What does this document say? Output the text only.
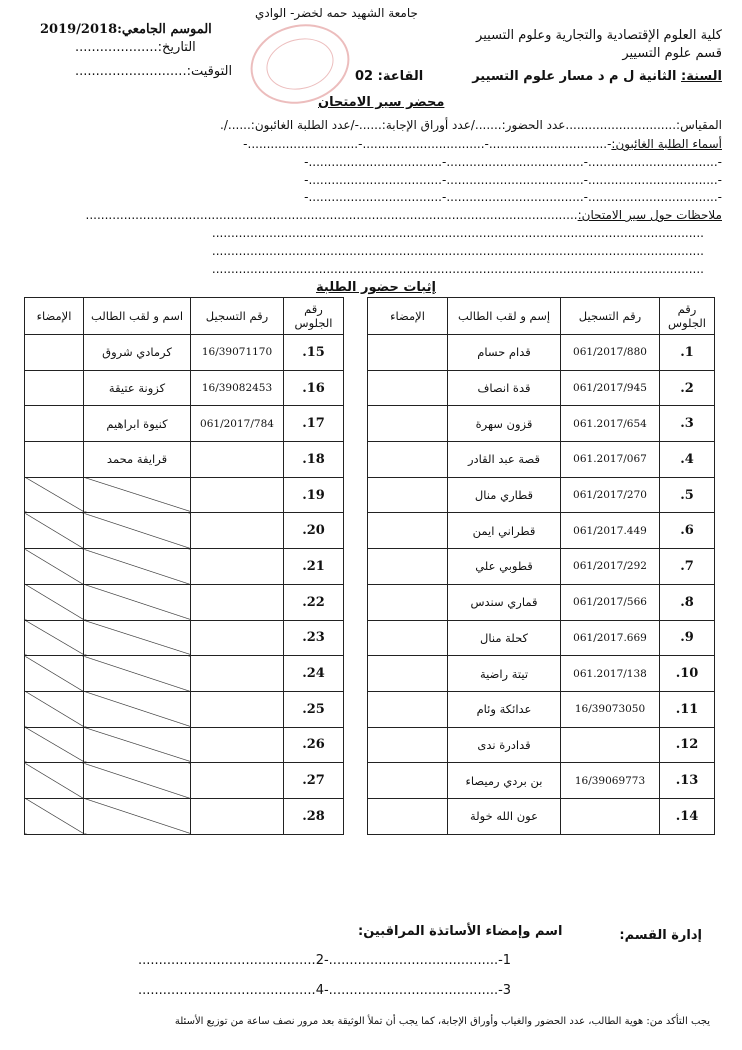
جامعة الشهيد حمه لخضر- الوادي
كلية العلوم الإقتصادية والتجارية وعلوم التسيير
قسم علوم التسيير
السنة: الثانية ل م د مسار علوم التسيير
القاعة: 02
الموسم الجامعي:2019/2018
التاريخ:....................
التوقيت:...........................
محضر سير الامتحان
المقياس:.............................عدد الحضور:......./عدد أوراق الإجابة:......-/عدد الطلبة الغائبون:....../.
أسماء الطلبة الغائبون:-...............................-................................-.............................-
-..................................-....................................-...................................-
-..................................-....................................-...................................-
-..................................-....................................-...................................-
ملاحظات حول سير الامتحان:.................................................................................................................................
.................................................................................................................................
.................................................................................................................................
.................................................................................................................................
إثبات حضور الطلبة
رقم الجلوس	رقم التسجيل	إسم و لقب الطالب	الإمضاء
1.	061/2017/880	قدام حسام	
2.	061/2017/945	قدة انصاف	
3.	061.2017/654	قزون سهرة	
4.	061.2017/067	قصة عبد القادر	
5.	061/2017/270	قطاري منال	
6.	061/2017.449	قطراني ايمن	
7.	061/2017/292	قطوبي علي	
8.	061/2017/566	قماري سندس	
9.	061/2017.669	كحلة منال	
10.	061.2017/138	تيتة راضية	
11.	16/39073050	عدائكة وئام	
12.		قدادرة ندى	
13.	16/39069773	بن بردي رميصاء	
14.		عون الله خولة	
رقم الجلوس	رقم التسجيل	اسم و لقب الطالب	الإمضاء
15.	16/39071170	كرمادي شروق	
16.	16/39082453	كزونة عتيقة	
17.	061/2017/784	كنيوة ابراهيم	
18.		قرايفة محمد	
19.			
20.			
21.			
22.			
23.			
24.			
25.			
26.			
27.			
28.			
إدارة القسم:
اسم وإمضاء الأساتذة المراقبين:
1-.........................................-2...........................................
3-.........................................-4...........................................
يجب التأكد من: هوية الطالب، عدد الحضور والغياب وأوراق الإجابة، كما يجب أن تملأ الوثيقة بعد مرور نصف ساعة من توزيع الأسئلة
